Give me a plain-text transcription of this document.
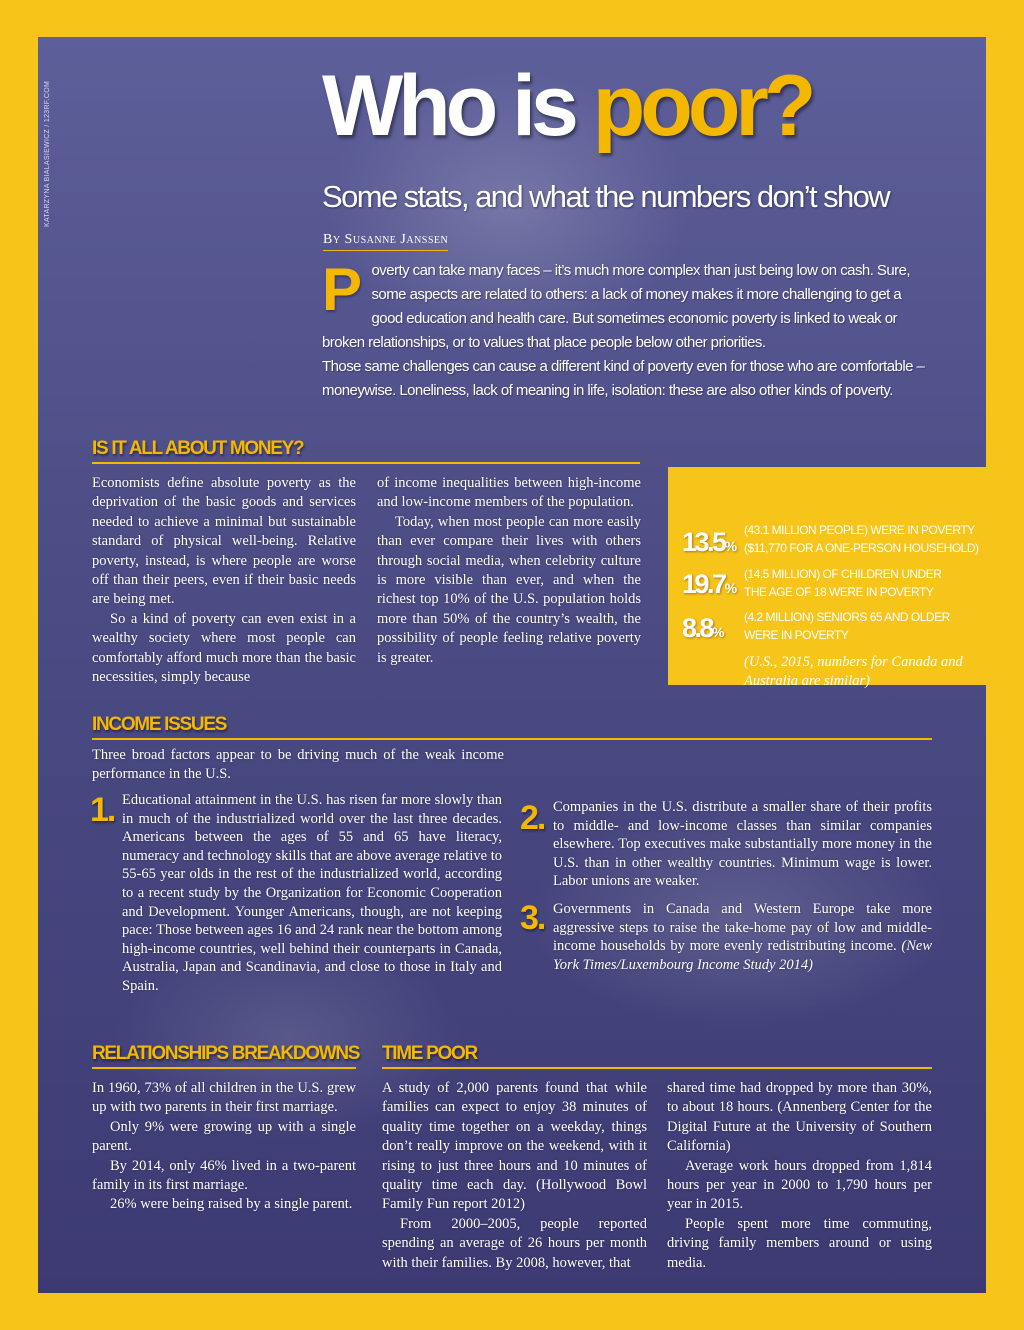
KATARZYNA BIALASIEWICZ / 123RF.COM	Who is poor?
Some stats, and what the numbers don’t show
By Susanne Janssen
Poverty can take many faces – it’s much more complex than just being low on cash. Sure, some aspects are related to others: a lack of money makes it more challenging to get a good education and health care. But sometimes economic poverty is linked to weak or broken relationships, or to values that place people below other priorities.
Those same challenges can cause a different kind of poverty even for those who are comfortable – moneywise. Loneliness, lack of meaning in life, isolation: these are also other kinds of poverty.
IS IT ALL ABOUT MONEY?

Economists define absolute poverty as the deprivation of the basic goods and services needed to achieve a minimal but sustainable standard of physical well-being. Relative poverty, instead, is where people are worse off than their peers, even if their basic needs are being met.

So a kind of poverty can even exist in a wealthy society where most people can comfortably afford much more than the basic necessities, simply because

of income inequalities between high-income and low-income members of the population.

Today, when most people can more easily than ever compare their lives with others through social media, when celebrity culture is more visible than ever, and when the richest top 10% of the U.S. population holds more than 50% of the country’s wealth, the possibility of people feeling relative poverty is greater.

13.5%
(43.1 MILLION PEOPLE) WERE IN POVERTY
($11,770 FOR A ONE-PERSON HOUSEHOLD)
19.7%
(14.5 MILLION) OF CHILDREN UNDER
THE AGE OF 18 WERE IN POVERTY
8.8%
(4.2 MILLION) SENIORS 65 AND OLDER
WERE IN POVERTY
(U.S., 2015, numbers for Canada and Australia are similar)
INCOME ISSUES
Three broad factors appear to be driving much of the weak income performance in the U.S.
1. Educational attainment in the U.S. has risen far more slowly than in much of the industrialized world over the last three decades. Americans between the ages of 55 and 65 have literacy, numeracy and technology skills that are above average relative to 55-65 year olds in the rest of the industrialized world, according to a recent study by the Organization for Economic Cooperation and Development. Younger Americans, though, are not keeping pace: Those between ages 16 and 24 rank near the bottom among high-income countries, well behind their counterparts in Canada, Australia, Japan and Scandinavia, and close to those in Italy and Spain.
2. Companies in the U.S. distribute a smaller share of their profits to middle- and low-income classes than similar companies elsewhere. Top executives make substantially more money in the U.S. than in other wealthy countries. Minimum wage is lower. Labor unions are weaker.
3. Governments in Canada and Western Europe take more aggressive steps to raise the take-home pay of low and middle-income households by more evenly redistributing income. (New York Times/Luxembourg Income Study 2014)
RELATIONSHIPS BREAKDOWNS

In 1960, 73% of all children in the U.S. grew up with two parents in their first marriage.

Only 9% were growing up with a single parent.

By 2014, only 46% lived in a two-parent family in its first marriage.

26% were being raised by a single parent.

TIME POOR

A study of 2,000 parents found that while families can expect to enjoy 38 minutes of quality time together on a weekday, things don’t really improve on the weekend, with it rising to just three hours and 10 minutes of quality time each day. (Hollywood Bowl Family Fun report 2012)

From 2000–2005, people reported spending an average of 26 hours per month with their families. By 2008, however, that

shared time had dropped by more than 30%, to about 18 hours. (Annenberg Center for the Digital Future at the University of Southern California)

Average work hours dropped from 1,814 hours per year in 2000 to 1,790 hours per year in 2015.

People spent more time commuting, driving family members around or using media.
